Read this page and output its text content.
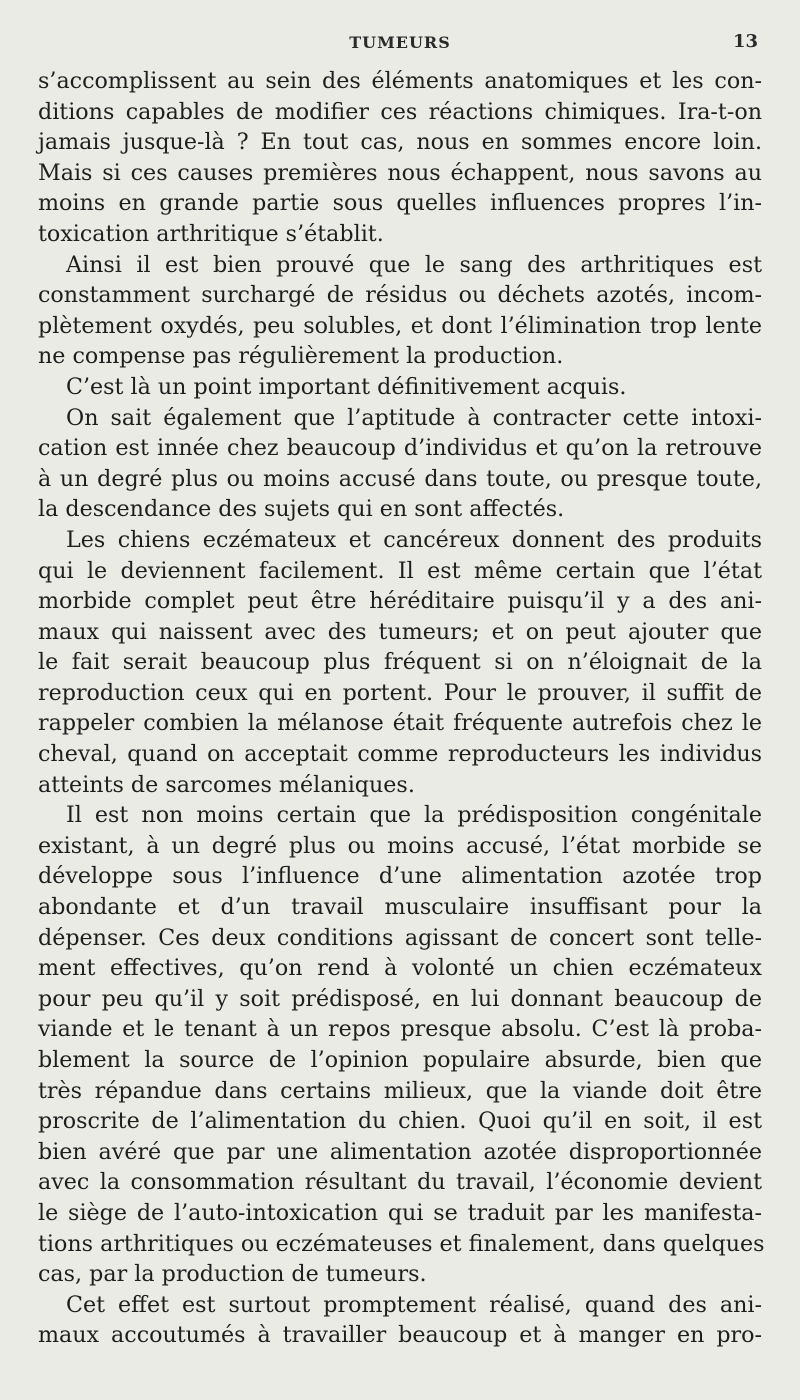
TUMEURS	13

s’accomplissent au sein des éléments anatomiques et les con-
ditions capables de modifier ces réactions chimiques. Ira-t-on
jamais jusque-là ? En tout cas, nous en sommes encore loin.
Mais si ces causes premières nous échappent, nous savons au
moins en grande partie sous quelles influences propres l’in-
toxication arthritique s’établit.

Ainsi il est bien prouvé que le sang des arthritiques est
constamment surchargé de résidus ou déchets azotés, incom-
plètement oxydés, peu solubles, et dont l’élimination trop lente
ne compense pas régulièrement la production.

C’est là un point important définitivement acquis.

On sait également que l’aptitude à contracter cette intoxi-
cation est innée chez beaucoup d’individus et qu’on la retrouve
à un degré plus ou moins accusé dans toute, ou presque toute,
la descendance des sujets qui en sont affectés.

Les chiens eczémateux et cancéreux donnent des produits
qui le deviennent facilement. Il est même certain que l’état
morbide complet peut être héréditaire puisqu’il y a des ani-
maux qui naissent avec des tumeurs; et on peut ajouter que
le fait serait beaucoup plus fréquent si on n’éloignait de la
reproduction ceux qui en portent. Pour le prouver, il suffit de
rappeler combien la mélanose était fréquente autrefois chez le
cheval, quand on acceptait comme reproducteurs les individus
atteints de sarcomes mélaniques.

Il est non moins certain que la prédisposition congénitale
existant, à un degré plus ou moins accusé, l’état morbide se
développe sous l’influence d’une alimentation azotée trop
abondante et d’un travail musculaire insuffisant pour la
dépenser. Ces deux conditions agissant de concert sont telle-
ment effectives, qu’on rend à volonté un chien eczémateux
pour peu qu’il y soit prédisposé, en lui donnant beaucoup de
viande et le tenant à un repos presque absolu. C’est là proba-
blement la source de l’opinion populaire absurde, bien que
très répandue dans certains milieux, que la viande doit être
proscrite de l’alimentation du chien. Quoi qu’il en soit, il est
bien avéré que par une alimentation azotée disproportionnée
avec la consommation résultant du travail, l’économie devient
le siège de l’auto-intoxication qui se traduit par les manifesta-
tions arthritiques ou eczémateuses et finalement, dans quelques
cas, par la production de tumeurs.

Cet effet est surtout promptement réalisé, quand des ani-
maux accoutumés à travailler beaucoup et à manger en pro-
